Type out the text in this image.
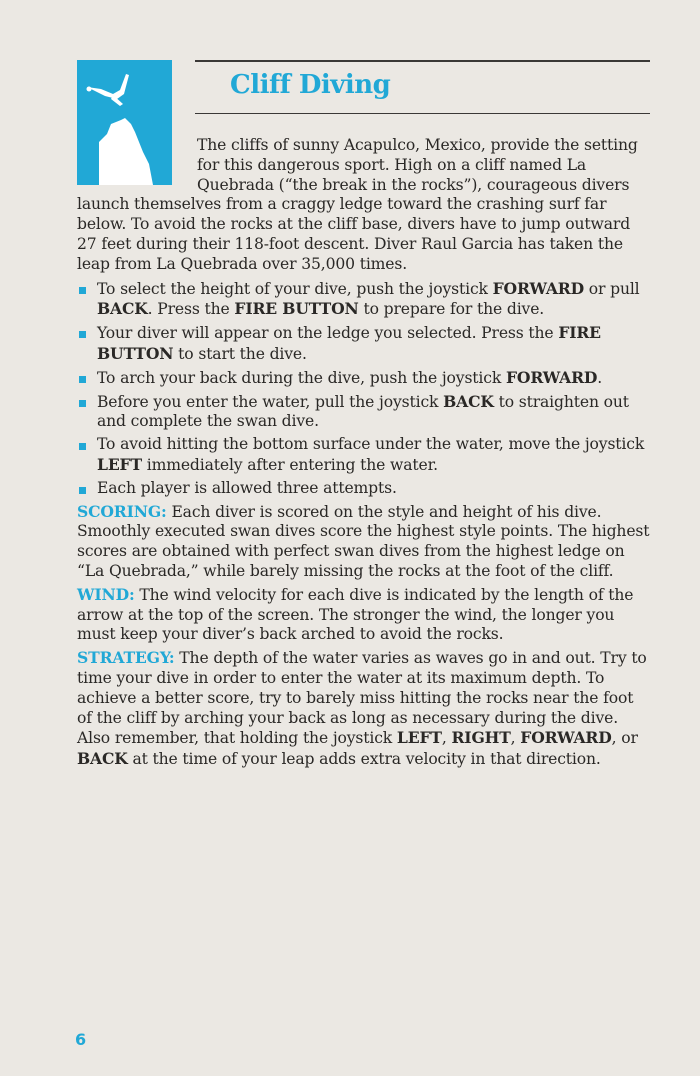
Cliff Diving

The cliffs of sunny Acapulco, Mexico, provide the setting for this dangerous sport. High on a cliff named La Quebrada (“the break in the rocks”), courageous divers launch themselves from a craggy ledge toward the crashing surf far below. To avoid the rocks at the cliff base, divers have to jump outward 27 feet during their 118-foot descent. Diver Raul Garcia has taken the leap from La Quebrada over 35,000 times.

To select the height of your dive, push the joystick FORWARD or pull BACK. Press the FIRE BUTTON to prepare for the dive.
Your diver will appear on the ledge you selected. Press the FIRE BUTTON to start the dive.
To arch your back during the dive, push the joystick FORWARD.
Before you enter the water, pull the joystick BACK to straighten out and complete the swan dive.
To avoid hitting the bottom surface under the water, move the joystick LEFT immediately after entering the water.
Each player is allowed three attempts.

SCORING: Each diver is scored on the style and height of his dive. Smoothly executed swan dives score the highest style points. The highest scores are obtained with perfect swan dives from the highest ledge on “La Quebrada,” while barely missing the rocks at the foot of the cliff.

WIND: The wind velocity for each dive is indicated by the length of the arrow at the top of the screen. The stronger the wind, the longer you must keep your diver’s back arched to avoid the rocks.

STRATEGY: The depth of the water varies as waves go in and out. Try to time your dive in order to enter the water at its maximum depth. To achieve a better score, try to barely miss hitting the rocks near the foot of the cliff by arching your back as long as necessary during the dive. Also remember, that holding the joystick LEFT, RIGHT, FORWARD, or BACK at the time of your leap adds extra velocity in that direction.

6
